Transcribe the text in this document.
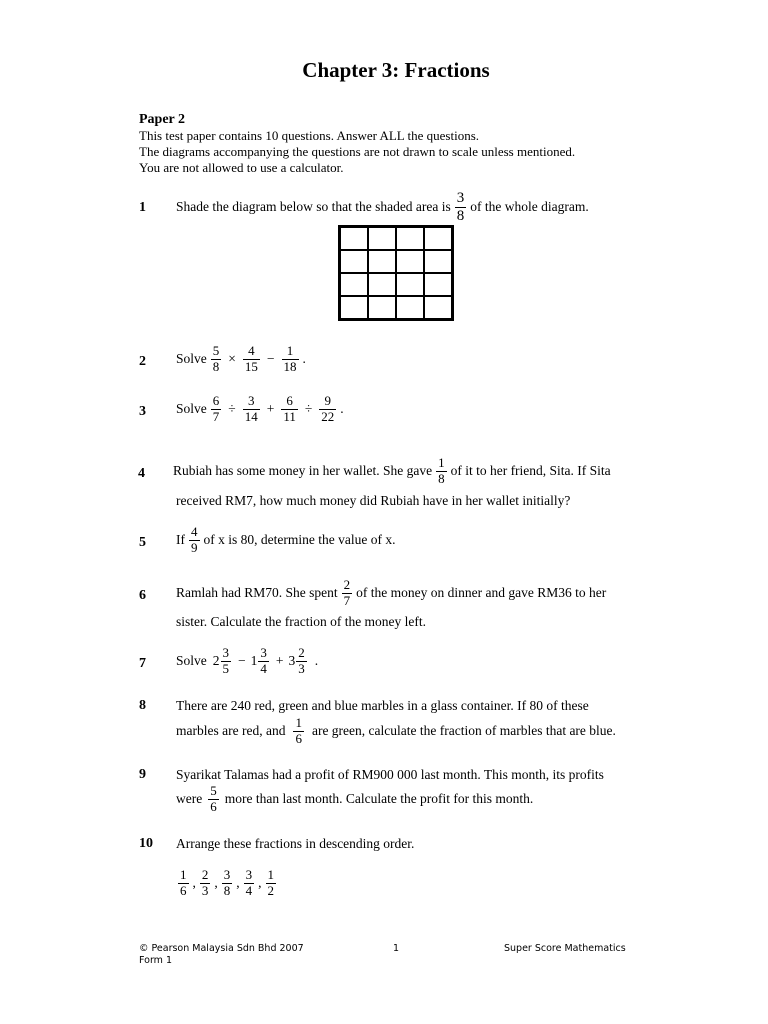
Chapter 3: Fractions
Paper 2
This test paper contains 10 questions. Answer ALL the questions.
The diagrams accompanying the questions are not drawn to scale unless mentioned.
You are not allowed to use a calculator.
1 Shade the diagram below so that the shaded area is $\frac{3}{8}$ of the whole diagram.
2 Solve $\frac{5}{8} \times \frac{4}{15} - \frac{1}{18}$ .
3 Solve $\frac{6}{7} \div \frac{3}{14} + \frac{6}{11} \div \frac{9}{22}$ .
4 Rubiah has some money in her wallet. She gave $\frac{1}{8}$ of it to her friend, Sita. If Sita
received RM7, how much money did Rubiah have in her wallet initially?
5 If $\frac{4}{9}$ of x is 80, determine the value of x.
6 Ramlah had RM70. She spent $\frac{2}{7}$ of the money on dinner and gave RM36 to her
sister. Calculate the fraction of the money left.
7 Solve $2 \frac{3}{5} - 1 \frac{3}{4} + 3 \frac{2}{3}$ .
8 There are 240 red, green and blue marbles in a glass container. If 80 of these
marbles are red, and $\frac{1}{6}$ are green, calculate the fraction of marbles that are blue.
9 Syarikat Talamas had a profit of RM900 000 last month. This month, its profits
were $\frac{5}{6}$ more than last month. Calculate the profit for this month.
10 Arrange these fractions in descending order.
$\frac{1}{6}$ , $\frac{2}{3}$ , $\frac{3}{8}$ , $\frac{3}{4}$ , $\frac{1}{2}$
© Pearson Malaysia Sdn Bhd 2007	1	Super Score Mathematics
Form 1
